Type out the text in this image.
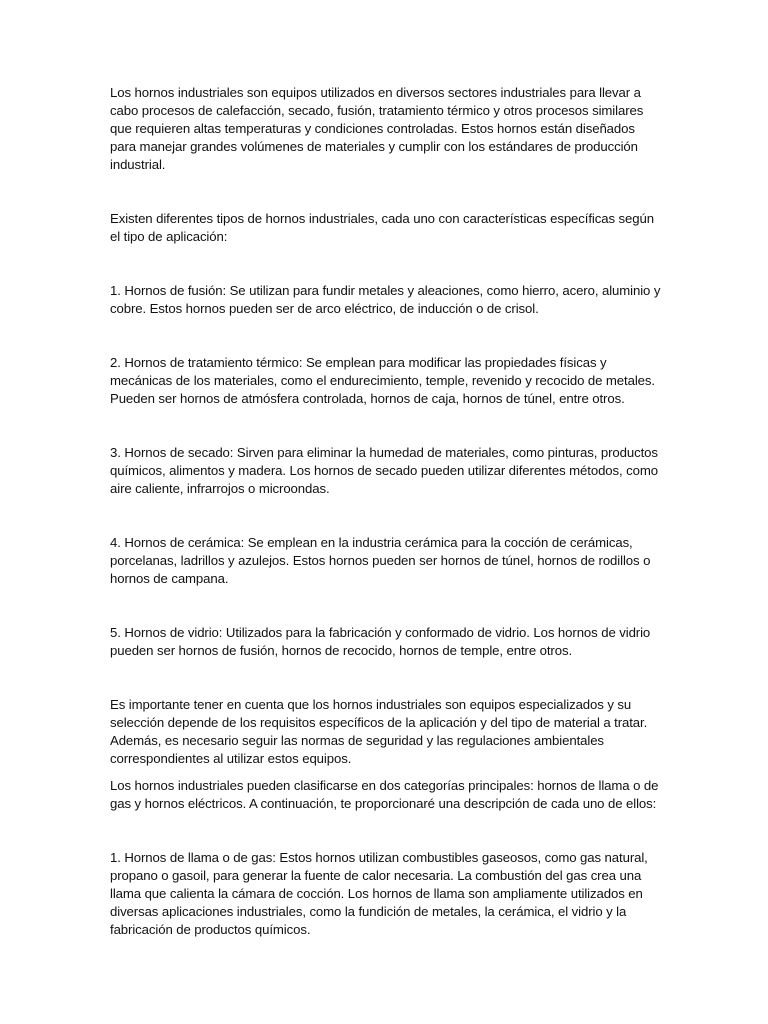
Los hornos industriales son equipos utilizados en diversos sectores industriales para llevar a cabo procesos de calefacción, secado, fusión, tratamiento térmico y otros procesos similares que requieren altas temperaturas y condiciones controladas. Estos hornos están diseñados para manejar grandes volúmenes de materiales y cumplir con los estándares de producción industrial.

Existen diferentes tipos de hornos industriales, cada uno con características específicas según el tipo de aplicación:

1. Hornos de fusión: Se utilizan para fundir metales y aleaciones, como hierro, acero, aluminio y cobre. Estos hornos pueden ser de arco eléctrico, de inducción o de crisol.

2. Hornos de tratamiento térmico: Se emplean para modificar las propiedades físicas y mecánicas de los materiales, como el endurecimiento, temple, revenido y recocido de metales. Pueden ser hornos de atmósfera controlada, hornos de caja, hornos de túnel, entre otros.

3. Hornos de secado: Sirven para eliminar la humedad de materiales, como pinturas, productos químicos, alimentos y madera. Los hornos de secado pueden utilizar diferentes métodos, como aire caliente, infrarrojos o microondas.

4. Hornos de cerámica: Se emplean en la industria cerámica para la cocción de cerámicas, porcelanas, ladrillos y azulejos. Estos hornos pueden ser hornos de túnel, hornos de rodillos o hornos de campana.

5. Hornos de vidrio: Utilizados para la fabricación y conformado de vidrio. Los hornos de vidrio pueden ser hornos de fusión, hornos de recocido, hornos de temple, entre otros.

Es importante tener en cuenta que los hornos industriales son equipos especializados y su selección depende de los requisitos específicos de la aplicación y del tipo de material a tratar. Además, es necesario seguir las normas de seguridad y las regulaciones ambientales correspondientes al utilizar estos equipos.

Los hornos industriales pueden clasificarse en dos categorías principales: hornos de llama o de gas y hornos eléctricos. A continuación, te proporcionaré una descripción de cada uno de ellos:

1. Hornos de llama o de gas: Estos hornos utilizan combustibles gaseosos, como gas natural, propano o gasoil, para generar la fuente de calor necesaria. La combustión del gas crea una llama que calienta la cámara de cocción. Los hornos de llama son ampliamente utilizados en diversas aplicaciones industriales, como la fundición de metales, la cerámica, el vidrio y la fabricación de productos químicos.
